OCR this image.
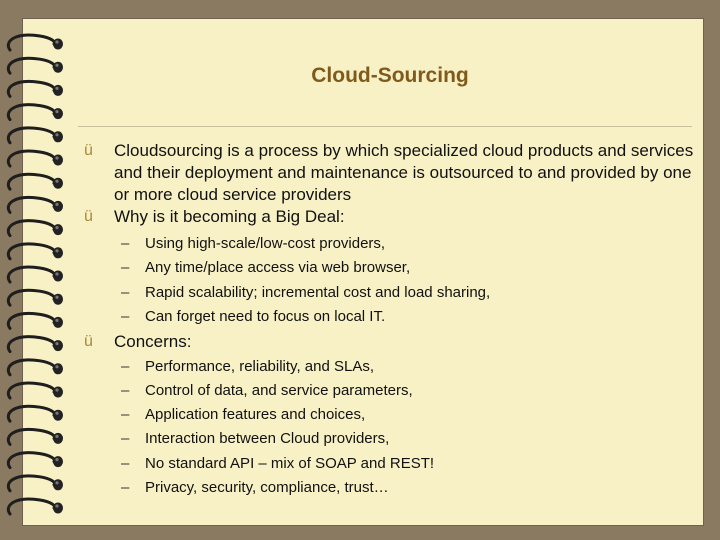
Cloud-Sourcing
ü Cloudsourcing is a process by which specialized cloud products and services and their deployment and maintenance is outsourced to and provided by one or more cloud service providers
ü Why is it becoming a Big Deal:
– Using high-scale/low-cost providers,
– Any time/place access via web browser,
– Rapid scalability; incremental cost and load sharing,
– Can forget need to focus on local IT.
ü Concerns:
– Performance, reliability, and SLAs,
– Control of data, and service parameters,
– Application features and choices,
– Interaction between Cloud providers,
– No standard API – mix of SOAP and REST!
– Privacy, security, compliance, trust…
